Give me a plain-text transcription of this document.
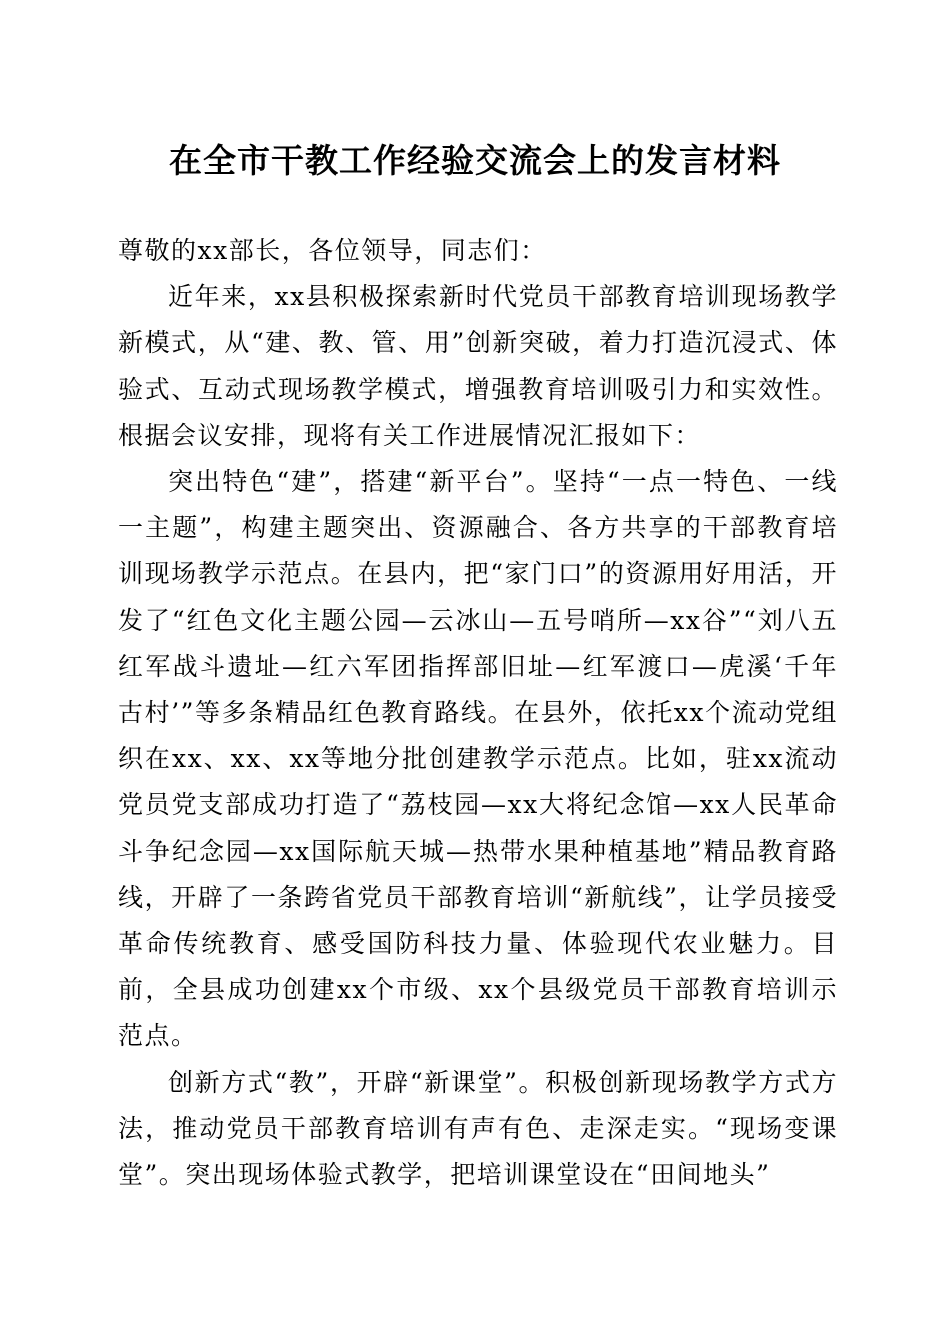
在全市干教工作经验交流会上的发言材料

尊敬的xx部长，各位领导，同志们：

近年来，xx县积极探索新时代党员干部教育培训现场教学新模式，从“建、教、管、用”创新突破，着力打造沉浸式、体验式、互动式现场教学模式，增强教育培训吸引力和实效性。根据会议安排，现将有关工作进展情况汇报如下：

突出特色“建”，搭建“新平台”。坚持“一点一特色、一线一主题”，构建主题突出、资源融合、各方共享的干部教育培训现场教学示范点。在县内，把“家门口”的资源用好用活，开发了“红色文化主题公园—云冰山—五号哨所—xx谷”“刘八五红军战斗遗址—红六军团指挥部旧址—红军渡口—虎溪‘千年古村’”等多条精品红色教育路线。在县外，依托xx个流动党组织在xx、xx、xx等地分批创建教学示范点。比如，驻xx流动党员党支部成功打造了“荔枝园—xx大将纪念馆—xx人民革命斗争纪念园—xx国际航天城—热带水果种植基地”精品教育路线，开辟了一条跨省党员干部教育培训“新航线”，让学员接受革命传统教育、感受国防科技力量、体验现代农业魅力。目前，全县成功创建xx个市级、xx个县级党员干部教育培训示范点。

创新方式“教”，开辟“新课堂”。积极创新现场教学方式方法，推动党员干部教育培训有声有色、走深走实。“现场变课堂”。突出现场体验式教学，把培训课堂设在“田间地头”
